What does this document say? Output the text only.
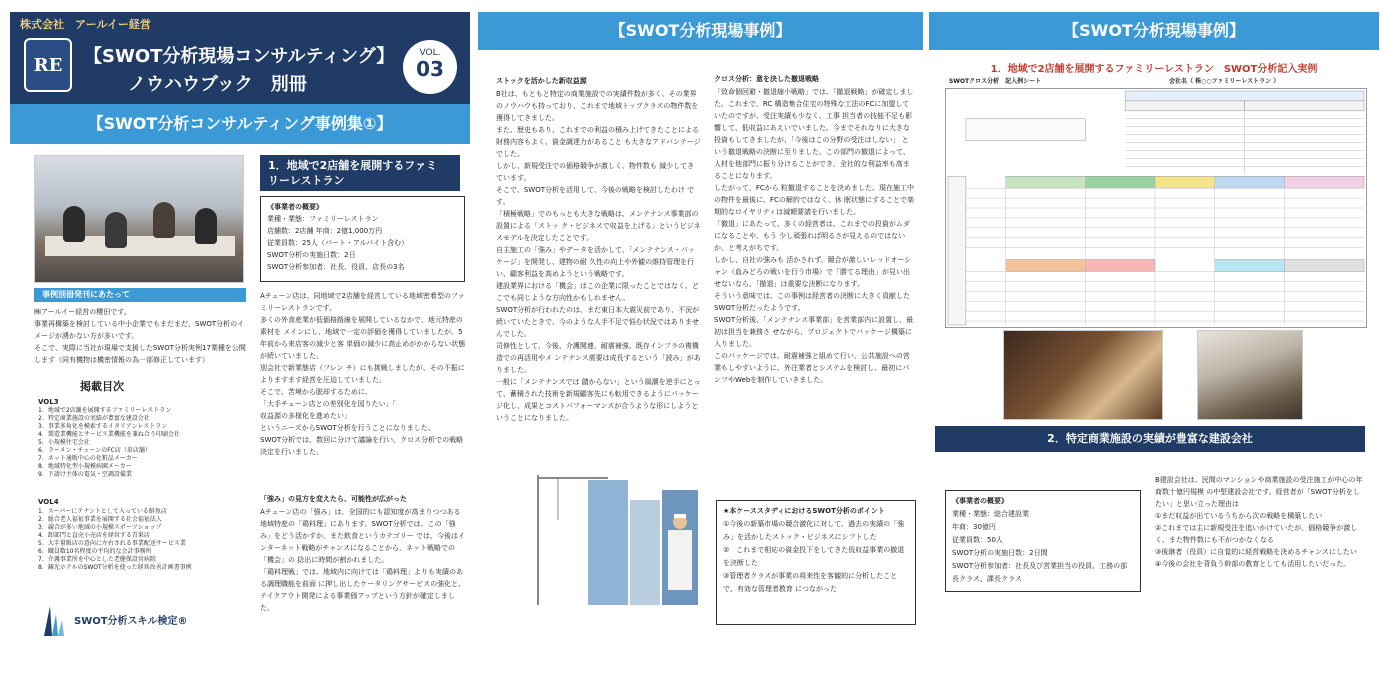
株式会社　アールイー経営
RE	【SWOT分析現場コンサルティング】
ノウハウブック　別冊
VOL.
03
【SWOT分析コンサルティング事例集①】
1．地域で2店舗を展開するファミ
リーレストラン
《事業者の概要》
業種・業態：ファミリーレストラン
店舗数：2店舗 年商：2億1,000万円
従業員数：25人（パート・アルバイト含む）
SWOT分析の実施日数：2日
SWOT分析参加者：社長、役員、店長の3名
事例別冊発刊にあたって
㈱アールイー経営の櫻田です。
事業再構築を検討している中小企業でもまだまだ、SWOT分析のイメージが湧かない方が多いです。
そこで、実際に当社が現場で支援したSWOT分析実例17業種を公開します（同有機物は機密情報の為一部修正しています）
掲載目次
VOL3
1．地域で2店舗を展開するファミリーレストラン
2．特定商業施設の実績が豊富な建設会社
3．事業多角化を模索するイタリアンレストラン
4．製造業機能とサービス業機能を兼ね合う印刷会社
5．小規模住宅会社
6．ラーメン・チェーンのFC店（単店舗）
7．ネット通販中心の化粧品メーカー
8．地域特化型小規模病園メーカー
9．下請け主体の電気・空調設備業
VOL4
1．スーパーにテナントとして入っている鮮魚店
2．総合老人福祉事業を展開する社会福祉法人
3．競合が多い地域の小規模スポーツショップ
4．卸部門と直売小売店を経営する青果店
5．大手量販店の意向に左右される事業配送サービス業
6．職員数10名程度の平均的な会計事務所
7．介護事業所を中心とした老健保設営病院
8．観光ホテルのSWOT分析を使った経営改善計画書事例
SWOT分析スキル検定®
Aチェーン店は、同地域で2店舗を経営している地域密着型のファミリーレストランです。
多くの外食産業が低価格路線を展開しているなかで、地元特産の素材を メインにし、地域で一定の評価を獲得していましたが、5年前から来店客の減少と客 単価の減少に高止めがかからない状態が続いていました。
別会社で新業態店（フレン チ）にも挑戦しましたが、その不振によりますます経営を圧迫していました。
そこで、苦境から脱却するために、
「大手チェーン店との差別化を図りたい」「
収益源の多様化を進めたい」
というニーズからSWOT分析を行うことになりました。
SWOT分析では、数回に分けて議論を行い、クロス分析での戦略決定を行いました。
「強み」の見方を変えたら、可能性が広がった
Aチェーン店の「強み」は、全国的にも認知度が高まりつつある地域特産の「鶏料理」にあります。SWOT分析では、この「強み」をどう活かすか、また飲食というカテゴリー では、今後はインターネット戦略がチャンスになることから、ネット戦略での「機会」の 捻出に時間が割かれました。
「鶏料理戦」では、地域内に向けては「鶏料理」よりも実績のある調理職能を前面 に押し出したケータリングサービスの強化と、テイクアウト開発による事業価アップという方針が確定しました。
【SWOT分析現場事例】
ストックを活かした新収益源
B社は、もともと特定の商業施設での実績件数が多く、その業界のノウハウも持っており、これまで地域トップクラスの物件数を獲得してきました。
また、歴史もあり、これまでの利益の積み上げてきたことによる財務内容もよく、資金調達力があること も大きなアドバンテージでした。
しかし、新規受注での価格競争が激しく、物件数も 減少してきています。
そこで、SWOT分析を活用して、今後の戦略を検討したわけ です。
「積極戦略」でのもっとも大きな戦略は、メンテナンス事業部の設置による「ストッ ク・ビジネスで収益を上げる」というビジネスモデルを決定したことです。
自主施工の「強み」やデータを活かして、「メンテナンス・パッケージ」を開発し、建物の耐 久性の向上や外観の維持管理を行い、顧客利益を高めようという戦略です。
建設業界における「機会」はこの企業に限ったことではなく、どこでも同じような方向性かもしれません。
SWOT分析が行われたのは、まだ東日本大震災前であり、不況が続いていたときで、今のような人手不足で悩む状況ではありませんでした。
司修性として、今後、介護関連、耐震補強、既存インフラの複構造での再活用やメ ンテナンス需要は成長するという「読み」がありました。
一般に「メンテナンスでは 儲からない」という風潮を逆手にとって、蓄積された技術を新規顧客先にも転用できるようにパッケージ化し、成果とコストパフォーマンスが合うような形にしようということになりました。
クロス分析：意を決した撤退戦略
「致命個回避・撤退縮小戦略」では、「撤退戦略」が確定しました。これまで、RC 構造集合住宅の特殊な工法のFCに加盟していたのですが、受注実績も少なく、工事 担当者の技能不足も影響して、低収益にあえいでいました。今までそれなりに大きな投資もしてきましたが、「今後はこの分野の受注はしない」 という撤退戦略の決断に至りました。この部門の撤退によって、人材を他部門に振り分けることができ、全社的な利益率も高まることになります。
したがって、FCから 粒撤退することを決めました。現在施工中の物件を最後に、FCの解約ではなく、休 眠状態にすることで楽期的なロイヤリティは減額要請を行いました。
「撤退」にあたって、多くの経営者は、これまでの投資がムダになることや、もう 少し頑張れば明るさが見えるのではないか、と考えがちです。
しかし、自社の強みも 活かされず、競合が激しいレッドオーシャン（血みどろの戦いを行う市場）で「勝てる理由」が見い出せないなら、「撤退」は重要な決断になります。
そういう意味では、この事例は経営者の決断に大きく貢献したSWOT分析だったようです。
SWOT分析後、「メンテナンス事業部」を営業部内に設置し、最初は担当を兼務さ せながら、プロジェクトでパッケージ構築に入りました。
このパッケージでは、耐震補強と組めて行い、公共施設への営業もしやすいように、外注業者とシステムを検討し、最初にパンフやWebを制作していきました。
★本ケーススタディにおけるSWOT分析のポイント
①今後の新築市場の競合激化に対して、過去の実績の「強み」を活かしたストック・ビジネスにシフトした
②　これまで相応の資金投下をしてきた低収益事業の撤退を決断した
③管理者クラスが事業の将来性を客観的に分析したことで、有効な管理者教育 につながった
【SWOT分析現場事例】
1．地域で2店舗を展開するファミリーレストラン　SWOT分析記入実例
SWOTクロス分析　記入例シート	会社名（ 株○○ファミリーレストラン ）
2．特定商業施設の実績が豊富な建設会社
《事業者の概要》
業種・業態：総合建設業
年商：30億円
従業員数：50人
SWOT分析の実施日数：2日間
SWOT分析参加者：社長及び営業担当の役員、工務の部長クラス、課長クラス
B建設会社は、民間のマンションや商業施設の受注施工が中心の年商数十億円規模 の中堅建設会社です。経営者が「SWOT分析をしたい」と思い立った理由は
①まだ収益が出ているうちから次の戦略を構築したい
②これまでは主に新規受注を追いかけていたが、価格競争が激しく、また物件数にも不がつかなくなる
③後継者（役員）に自覚的に経営戦略を決めるチャンスにしたい
④今後の会社を背負う幹部の教育としても活用したいだった。
